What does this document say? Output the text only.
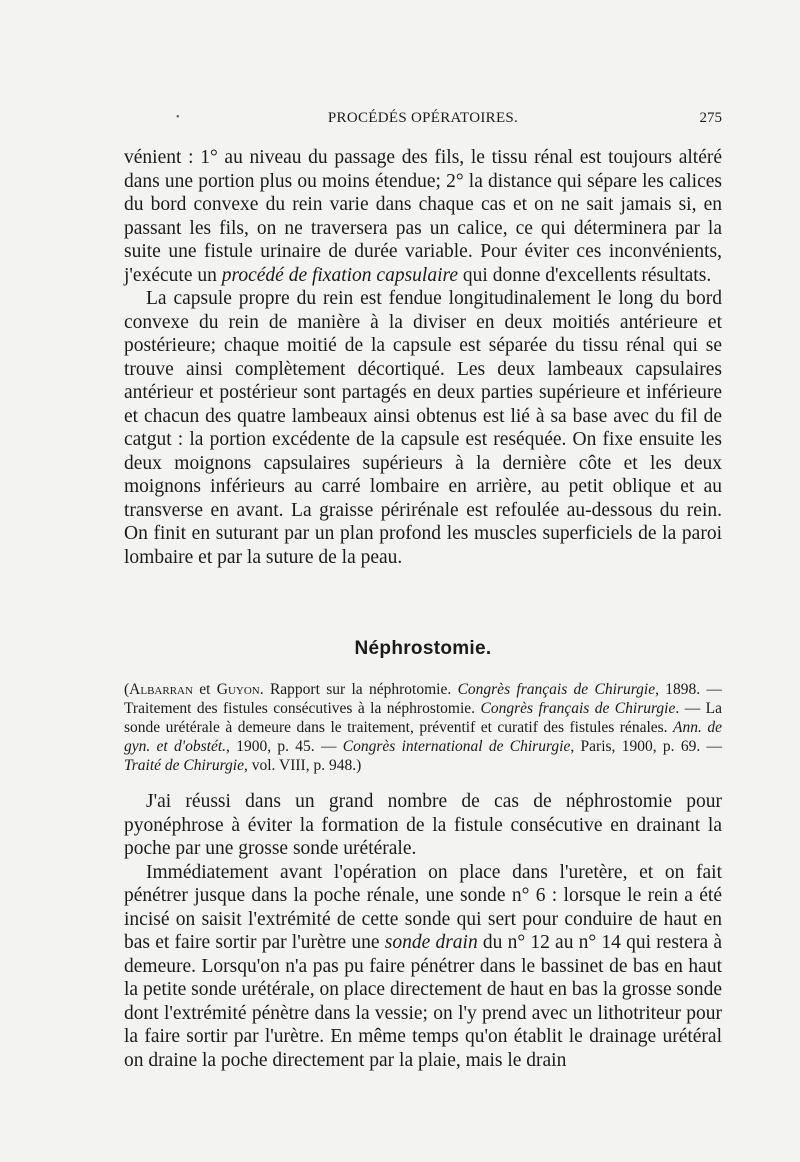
•	PROCÉDÉS OPÉRATOIRES.	275

vénient : 1° au niveau du passage des fils, le tissu rénal est toujours altéré dans une portion plus ou moins étendue; 2° la distance qui sépare les calices du bord convexe du rein varie dans chaque cas et on ne sait jamais si, en passant les fils, on ne traversera pas un calice, ce qui déterminera par la suite une fistule urinaire de durée variable. Pour éviter ces inconvénients, j'exécute un procédé de fixation capsulaire qui donne d'excellents résultats.

La capsule propre du rein est fendue longitudinalement le long du bord convexe du rein de manière à la diviser en deux moitiés antérieure et postérieure; chaque moitié de la capsule est séparée du tissu rénal qui se trouve ainsi complètement décortiqué. Les deux lambeaux capsulaires antérieur et postérieur sont partagés en deux parties supérieure et inférieure et chacun des quatre lambeaux ainsi obtenus est lié à sa base avec du fil de catgut : la portion excédente de la capsule est reséquée. On fixe ensuite les deux moignons capsulaires supérieurs à la dernière côte et les deux moignons inférieurs au carré lombaire en arrière, au petit oblique et au transverse en avant. La graisse périrénale est refoulée au-dessous du rein. On finit en suturant par un plan profond les muscles superficiels de la paroi lombaire et par la suture de la peau.

Néphrostomie.
(Albarran et Guyon. Rapport sur la néphrotomie. Congrès français de Chirurgie, 1898. — Traitement des fistules consécutives à la néphrostomie. Congrès français de Chirurgie. — La sonde urétérale à demeure dans le traitement, préventif et curatif des fistules rénales. Ann. de gyn. et d'obstét., 1900, p. 45. — Congrès international de Chirurgie, Paris, 1900, p. 69. — Traité de Chirurgie, vol. VIII, p. 948.)

J'ai réussi dans un grand nombre de cas de néphrostomie pour pyonéphrose à éviter la formation de la fistule consécutive en drainant la poche par une grosse sonde urétérale.

Immédiatement avant l'opération on place dans l'uretère, et on fait pénétrer jusque dans la poche rénale, une sonde n° 6 : lorsque le rein a été incisé on saisit l'extrémité de cette sonde qui sert pour conduire de haut en bas et faire sortir par l'urètre une sonde drain du n° 12 au n° 14 qui restera à demeure. Lorsqu'on n'a pas pu faire pénétrer dans le bassinet de bas en haut la petite sonde urétérale, on place directement de haut en bas la grosse sonde dont l'extrémité pénètre dans la vessie; on l'y prend avec un lithotriteur pour la faire sortir par l'urètre. En même temps qu'on établit le drainage urétéral on draine la poche directement par la plaie, mais le drain
